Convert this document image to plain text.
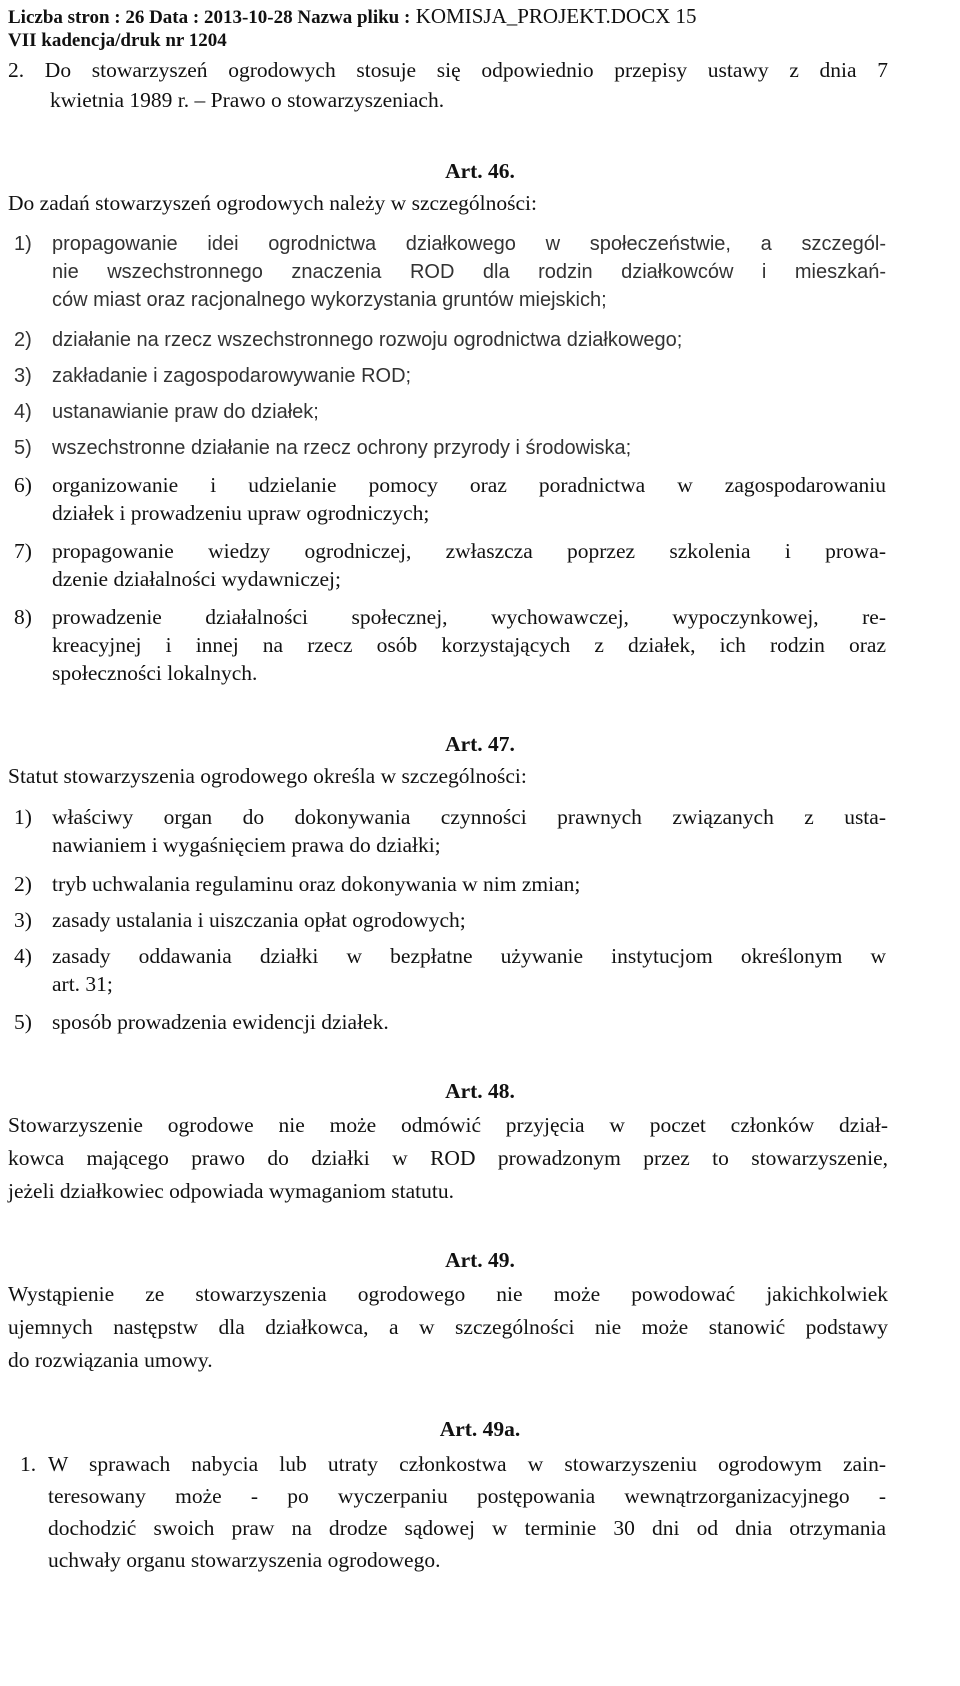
Liczba stron : 26 Data : 2013-10-28 Nazwa pliku : KOMISJA_PROJEKT.DOCX 15
VII kadencja/druk nr 1204
2. Do stowarzyszeń ogrodowych stosuje się odpowiednio przepisy ustawy z dnia 7
kwietnia 1989 r. – Prawo o stowarzyszeniach.
Art. 46.
Do zadań stowarzyszeń ogrodowych należy w szczególności:
1)	propagowanie idei ogrodnictwa działkowego w społeczeństwie, a szczegól-
nie wszechstronnego znaczenia ROD dla rodzin działkowców i mieszkań-
ców miast oraz racjonalnego wykorzystania gruntów miejskich;
2)	działanie na rzecz wszechstronnego rozwoju ogrodnictwa działkowego;
3)	zakładanie i zagospodarowywanie ROD;
4)	ustanawianie praw do działek;
5)	wszechstronne działanie na rzecz ochrony przyrody i środowiska;
6) organizowanie i udzielanie pomocy oraz poradnictwa w zagospodarowaniu
działek i prowadzeniu upraw ogrodniczych;
7) propagowanie wiedzy ogrodniczej, zwłaszcza poprzez szkolenia i prowa-
dzenie działalności wydawniczej;
8) prowadzenie działalności społecznej, wychowawczej, wypoczynkowej, re-
kreacyjnej i innej na rzecz osób korzystających z działek, ich rodzin oraz
społeczności lokalnych.
Art. 47.
Statut stowarzyszenia ogrodowego określa w szczególności:
1) właściwy organ do dokonywania czynności prawnych związanych z usta-
nawianiem i wygaśnięciem prawa do działki;
2) tryb uchwalania regulaminu oraz dokonywania w nim zmian;
3) zasady ustalania i uiszczania opłat ogrodowych;
4) zasady oddawania działki w bezpłatne używanie instytucjom określonym w
art. 31;
5) sposób prowadzenia ewidencji działek.
Art. 48.
Stowarzyszenie ogrodowe nie może odmówić przyjęcia w poczet członków dział-
kowca mającego prawo do działki w ROD prowadzonym przez to stowarzyszenie,
jeżeli działkowiec odpowiada wymaganiom statutu.
Art. 49.
Wystąpienie ze stowarzyszenia ogrodowego nie może powodować jakichkolwiek
ujemnych następstw dla działkowca, a w szczególności nie może stanowić podstawy
do rozwiązania umowy.
Art. 49a.
1. W sprawach nabycia lub utraty członkostwa w stowarzyszeniu ogrodowym zain-
teresowany może - po wyczerpaniu postępowania wewnątrzorganizacyjnego -
dochodzić swoich praw na drodze sądowej w terminie 30 dni od dnia otrzymania
uchwały organu stowarzyszenia ogrodowego.
